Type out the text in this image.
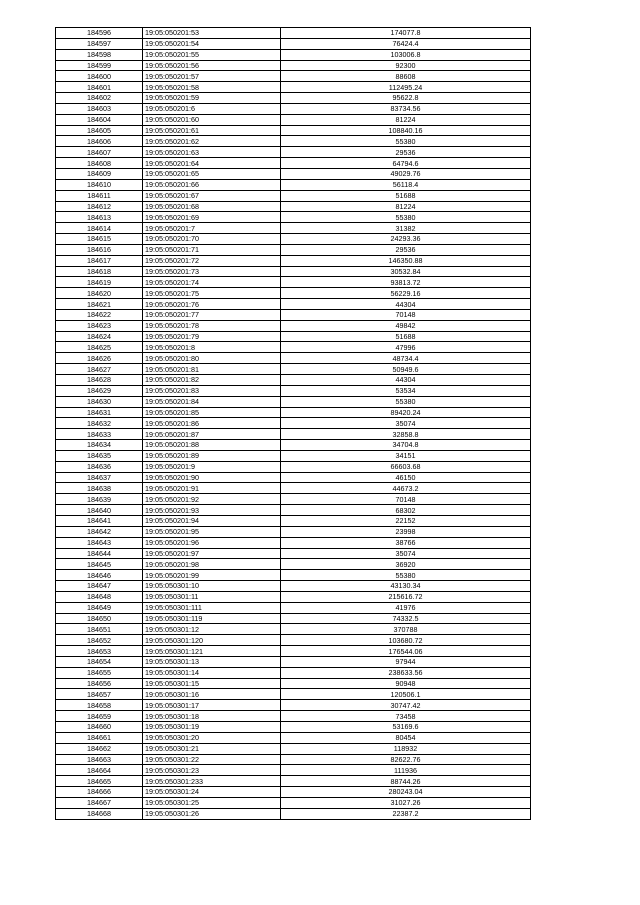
184596	19:05:050201:53	174077.8
184597	19:05:050201:54	76424.4
184598	19:05:050201:55	103006.8
184599	19:05:050201:56	92300
184600	19:05:050201:57	88608
184601	19:05:050201:58	112495.24
184602	19:05:050201:59	95622.8
184603	19:05:050201:6	83734.56
184604	19:05:050201:60	81224
184605	19:05:050201:61	108840.16
184606	19:05:050201:62	55380
184607	19:05:050201:63	29536
184608	19:05:050201:64	64794.6
184609	19:05:050201:65	49029.76
184610	19:05:050201:66	56118.4
184611	19:05:050201:67	51688
184612	19:05:050201:68	81224
184613	19:05:050201:69	55380
184614	19:05:050201:7	31382
184615	19:05:050201:70	24293.36
184616	19:05:050201:71	29536
184617	19:05:050201:72	146350.88
184618	19:05:050201:73	30532.84
184619	19:05:050201:74	93813.72
184620	19:05:050201:75	56229.16
184621	19:05:050201:76	44304
184622	19:05:050201:77	70148
184623	19:05:050201:78	49842
184624	19:05:050201:79	51688
184625	19:05:050201:8	47996
184626	19:05:050201:80	48734.4
184627	19:05:050201:81	50949.6
184628	19:05:050201:82	44304
184629	19:05:050201:83	53534
184630	19:05:050201:84	55380
184631	19:05:050201:85	89420.24
184632	19:05:050201:86	35074
184633	19:05:050201:87	32858.8
184634	19:05:050201:88	34704.8
184635	19:05:050201:89	34151
184636	19:05:050201:9	66603.68
184637	19:05:050201:90	46150
184638	19:05:050201:91	44673.2
184639	19:05:050201:92	70148
184640	19:05:050201:93	68302
184641	19:05:050201:94	22152
184642	19:05:050201:95	23998
184643	19:05:050201:96	38766
184644	19:05:050201:97	35074
184645	19:05:050201:98	36920
184646	19:05:050201:99	55380
184647	19:05:050301:10	43130.34
184648	19:05:050301:11	215616.72
184649	19:05:050301:111	41976
184650	19:05:050301:119	74332.5
184651	19:05:050301:12	370788
184652	19:05:050301:120	103680.72
184653	19:05:050301:121	176544.06
184654	19:05:050301:13	97944
184655	19:05:050301:14	238633.56
184656	19:05:050301:15	90948
184657	19:05:050301:16	120506.1
184658	19:05:050301:17	30747.42
184659	19:05:050301:18	73458
184660	19:05:050301:19	53169.6
184661	19:05:050301:20	80454
184662	19:05:050301:21	118932
184663	19:05:050301:22	82622.76
184664	19:05:050301:23	111936
184665	19:05:050301:233	88744.26
184666	19:05:050301:24	280243.04
184667	19:05:050301:25	31027.26
184668	19:05:050301:26	22387.2
